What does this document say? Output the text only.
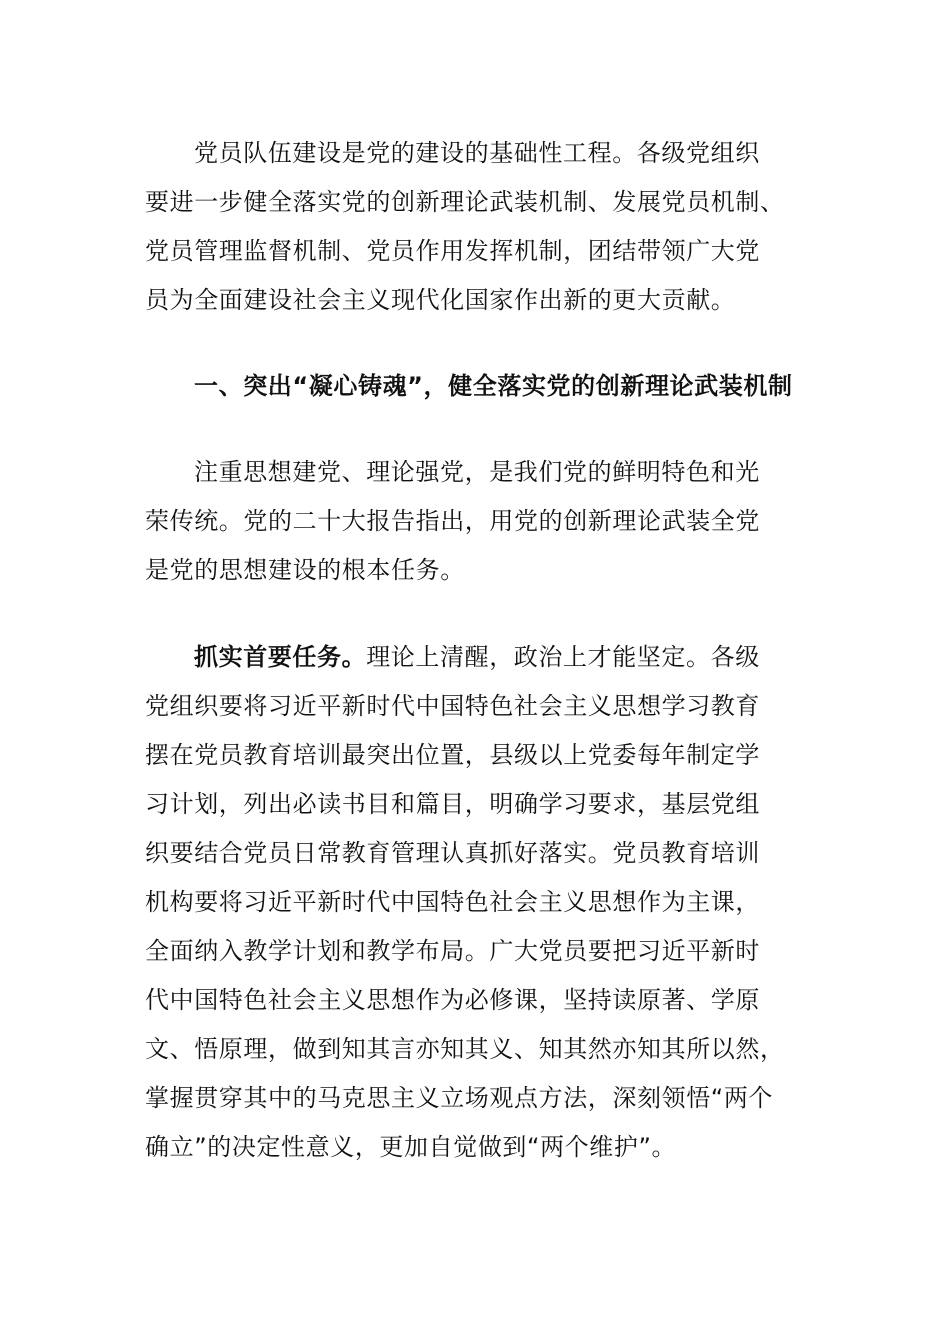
党员队伍建设是党的建设的基础性工程。各级党组织
要进一步健全落实党的创新理论武装机制、发展党员机制、
党员管理监督机制、党员作用发挥机制，团结带领广大党
员为全面建设社会主义现代化国家作出新的更大贡献。
一、突出“凝心铸魂”，健全落实党的创新理论武装机制
注重思想建党、理论强党，是我们党的鲜明特色和光
荣传统。党的二十大报告指出，用党的创新理论武装全党
是党的思想建设的根本任务。
抓实首要任务。理论上清醒，政治上才能坚定。各级
党组织要将习近平新时代中国特色社会主义思想学习教育
摆在党员教育培训最突出位置，县级以上党委每年制定学
习计划，列出必读书目和篇目，明确学习要求，基层党组
织要结合党员日常教育管理认真抓好落实。党员教育培训
机构要将习近平新时代中国特色社会主义思想作为主课，
全面纳入教学计划和教学布局。广大党员要把习近平新时
代中国特色社会主义思想作为必修课，坚持读原著、学原
文、悟原理，做到知其言亦知其义、知其然亦知其所以然，
掌握贯穿其中的马克思主义立场观点方法，深刻领悟“两个
确立”的决定性意义，更加自觉做到“两个维护”。
